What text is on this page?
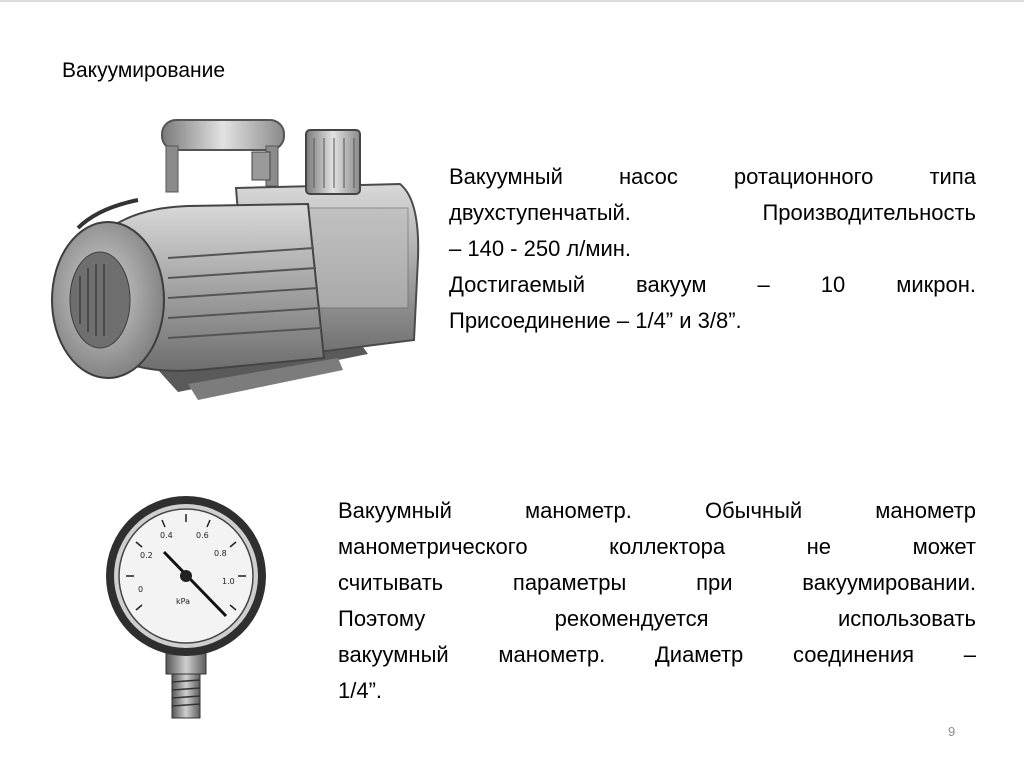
Вакуумирование
Вакуумный насос ротационного типа
двухступенчатый. Производительность
– 140 - 250 л/мин.
Достигаемый вакуум – 10 микрон.
Присоединение – 1/4” и 3/8”.
0.4	0.6
0.8
0.2
1.0
0
kPa
Вакуумный манометр. Обычный манометр
манометрического коллектора не может
считывать параметры при вакуумировании.
Поэтому рекомендуется использовать
вакуумный манометр. Диаметр соединения –
1/4”.
9
